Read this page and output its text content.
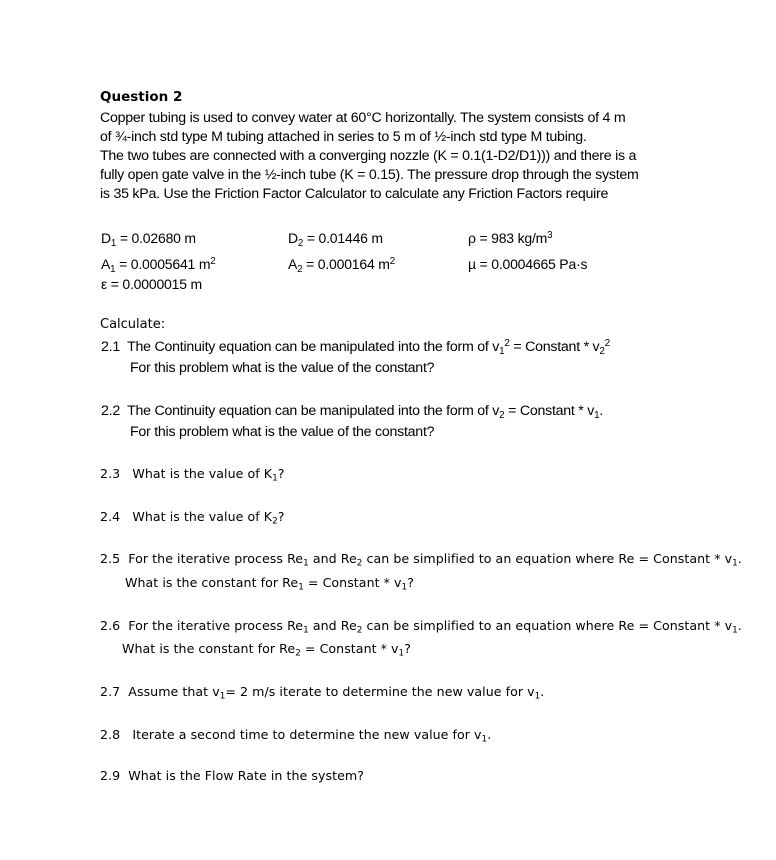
Question 2
Copper tubing is used to convey water at 60°C horizontally. The system consists of 4 m
of ¾-inch std type M tubing attached in series to 5 m of ½-inch std type M tubing.
The two tubes are connected with a converging nozzle (K = 0.1(1-D2/D1))) and there is a
fully open gate valve in the ½-inch tube (K = 0.15). The pressure drop through the system
is 35 kPa. Use the Friction Factor Calculator to calculate any Friction Factors require
$D_1 = 0.02680$ m
$A_1 = 0.0005641$ $m^2$
ε = 0.0000015 m
$D_2 = 0.01446$ m
$A_2 = 0.000164$ $m^2$
ρ = 983 $kg/m^3$
µ = 0.0004665 Pa·s
Calculate:
2.1 The Continuity equation can be manipulated into the form of $v_1^2$ = Constant * $v_2^2$
For this problem what is the value of the constant?
2.2 The Continuity equation can be manipulated into the form of $v_2$ = Constant * $v_1$.
For this problem what is the value of the constant?
2.3 What is the value of $K_1$?
2.4 What is the value of $K_2$?
2.5 For the iterative process $Re_1$ and $Re_2$ can be simplified to an equation where Re = Constant * $v_1$.
What is the constant for $Re_1$ = Constant * $v_1$?
2.6 For the iterative process $Re_1$ and $Re_2$ can be simplified to an equation where Re = Constant * $v_1$.
What is the constant for $Re_2$ = Constant * $v_1$?
2.7 Assume that $v_1= 2$ m/s iterate to determine the new value for $v_1$.
2.8 Iterate a second time to determine the new value for $v_1$.
2.9 What is the Flow Rate in the system?
